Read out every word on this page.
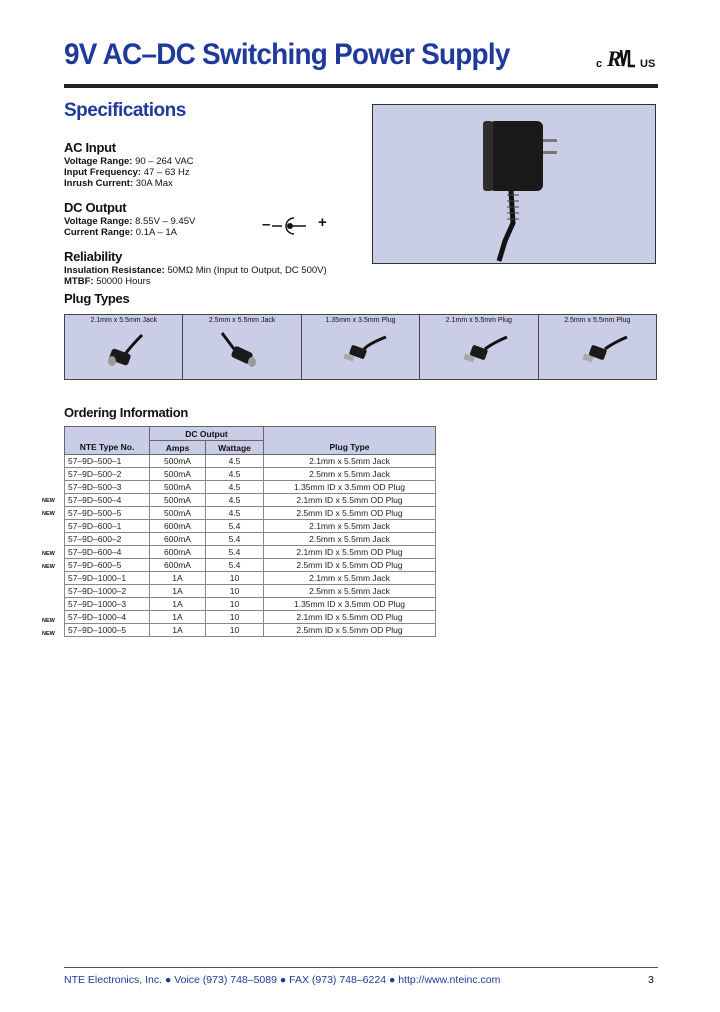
9V AC–DC Switching Power Supply	c R US
Specifications
AC Input
Voltage Range: 90 – 264 VAC
Input Frequency: 47 – 63 Hz
Inrush Current: 30A Max
DC Output
Voltage Range: 8.55V – 9.45V
Current Range: 0.1A – 1A	–	+
Reliability
Insulation Resistance: 50MΩ Min (Input to Output, DC 500V)
MTBF: 50000 Hours
Plug Types
2.1mm x 5.5mm Jack	2.5mm x 5.5mm Jack	1.35mm x 3.5mm Plug	2.1mm x 5.5mm Plug	2.5mm x 5.5mm Plug
Ordering Information
NEW
NEW
NEW
NEW
NEW
NEW
NTE Type No.	DC Output		Plug Type
	Amps	Wattage	
57–9D–500–1	500mA	4.5	2.1mm x 5.5mm Jack
57–9D–500–2	500mA	4.5	2.5mm x 5.5mm Jack
57–9D–500–3	500mA	4.5	1.35mm ID x 3.5mm OD Plug
57–9D–500–4	500mA	4.5	2.1mm ID x 5.5mm OD Plug
57–9D–500–5	500mA	4.5	2.5mm ID x 5.5mm OD Plug
57–9D–600–1	600mA	5.4	2.1mm x 5.5mm Jack
57–9D–600–2	600mA	5.4	2.5mm x 5.5mm Jack
57–9D–600–4	600mA	5.4	2.1mm ID x 5.5mm OD Plug
57–9D–600–5	600mA	5.4	2.5mm ID x 5.5mm OD Plug
57–9D–1000–1	1A	10	2.1mm x 5.5mm Jack
57–9D–1000–2	1A	10	2.5mm x 5.5mm Jack
57–9D–1000–3	1A	10	1.35mm ID x 3.5mm OD Plug
57–9D–1000–4	1A	10	2.1mm ID x 5.5mm OD Plug
57–9D–1000–5	1A	10	2.5mm ID x 5.5mm OD Plug
NTE Electronics, Inc. ● Voice (973) 748–5089 ● FAX (973) 748–6224 ● http://www.nteinc.com	3
